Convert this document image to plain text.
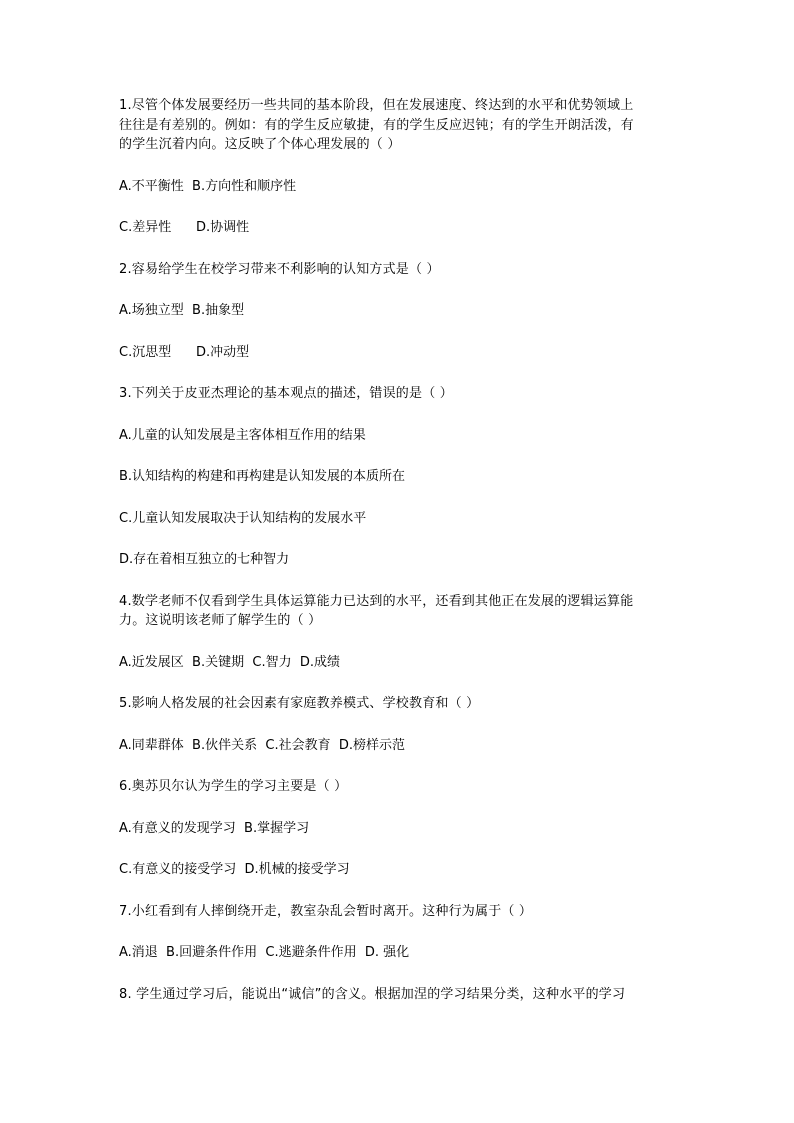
1.尽管个体发展要经历一些共同的基本阶段，但在发展速度、终达到的水平和优势领域上
往往是有差别的。例如：有的学生反应敏捷，有的学生反应迟钝；有的学生开朗活泼，有
的学生沉着内向。这反映了个体心理发展的（ ）
A.不平衡性  B.方向性和顺序性
C.差异性      D.协调性
2.容易给学生在校学习带来不利影响的认知方式是（ ）
A.场独立型  B.抽象型
C.沉思型      D.冲动型
3.下列关于皮亚杰理论的基本观点的描述，错误的是（ ）
A.儿童的认知发展是主客体相互作用的结果
B.认知结构的构建和再构建是认知发展的本质所在
C.儿童认知发展取决于认知结构的发展水平
D.存在着相互独立的七种智力
4.数学老师不仅看到学生具体运算能力已达到的水平，还看到其他正在发展的逻辑运算能
力。这说明该老师了解学生的（ ）
A.近发展区  B.关键期  C.智力  D.成绩
5.影响人格发展的社会因素有家庭教养模式、学校教育和（ ）
A.同辈群体  B.伙伴关系  C.社会教育  D.榜样示范
6.奥苏贝尔认为学生的学习主要是（ ）
A.有意义的发现学习  B.掌握学习
C.有意义的接受学习  D.机械的接受学习
7.小红看到有人摔倒绕开走，教室杂乱会暂时离开。这种行为属于（ ）
A.消退  B.回避条件作用  C.逃避条件作用  D. 强化
8. 学生通过学习后，能说出“诚信”的含义。根据加涅的学习结果分类，这种水平的学习
